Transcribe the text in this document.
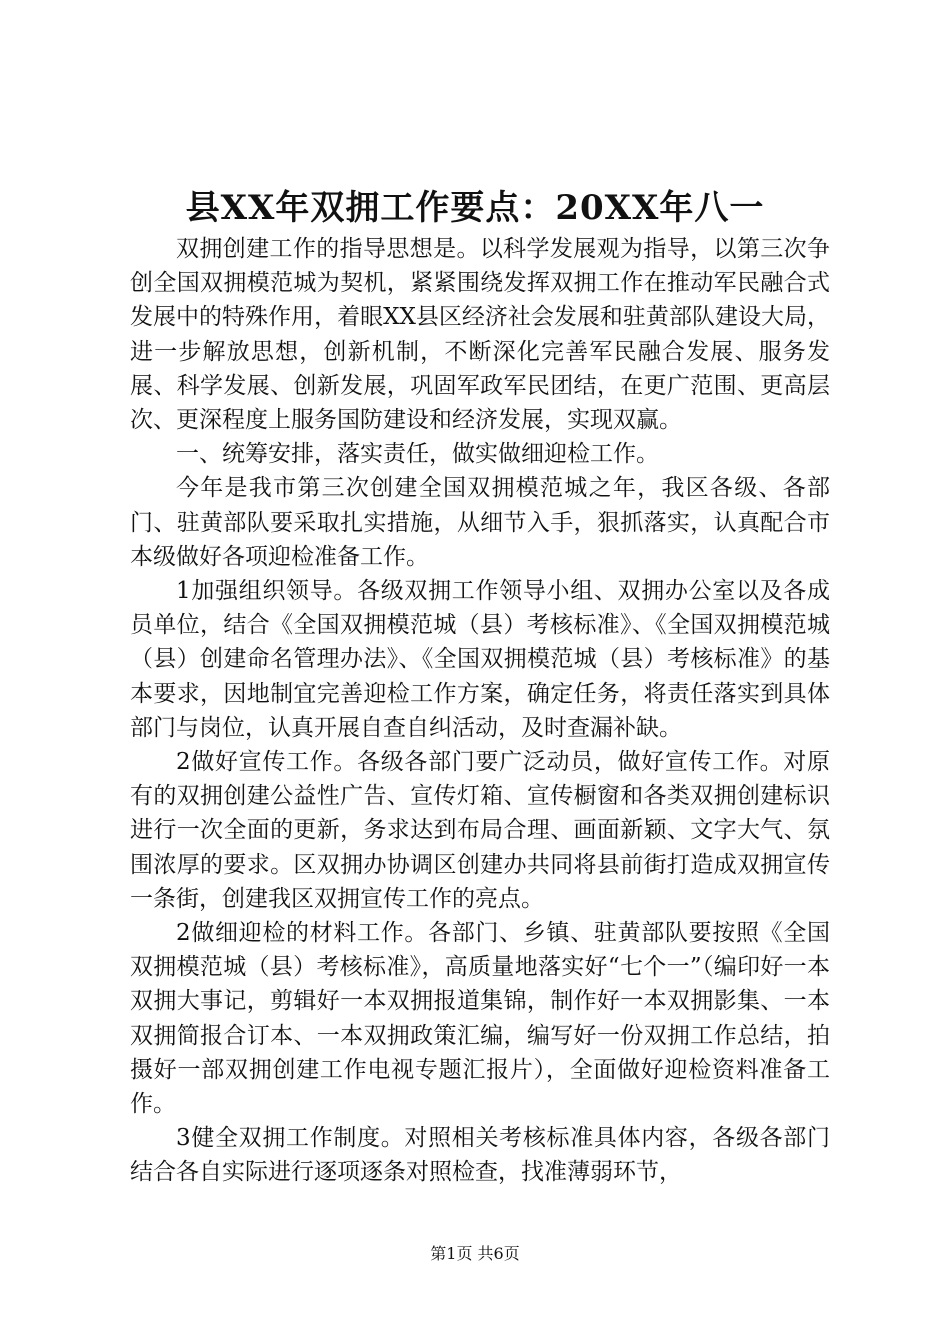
县XX年双拥工作要点：20XX年八一

双拥创建工作的指导思想是。以科学发展观为指导，以第三次争创全国双拥模范城为契机，紧紧围绕发挥双拥工作在推动军民融合式发展中的特殊作用，着眼XX县区经济社会发展和驻黄部队建设大局，进一步解放思想，创新机制，不断深化完善军民融合发展、服务发展、科学发展、创新发展，巩固军政军民团结，在更广范围、更高层次、更深程度上服务国防建设和经济发展，实现双赢。

一、统筹安排，落实责任，做实做细迎检工作。

今年是我市第三次创建全国双拥模范城之年，我区各级、各部门、驻黄部队要采取扎实措施，从细节入手，狠抓落实，认真配合市本级做好各项迎检准备工作。

1加强组织领导。各级双拥工作领导小组、双拥办公室以及各成员单位，结合《全国双拥模范城（县）考核标准》、《全国双拥模范城（县）创建命名管理办法》、《全国双拥模范城（县）考核标准》的基本要求，因地制宜完善迎检工作方案，确定任务，将责任落实到具体部门与岗位，认真开展自查自纠活动，及时查漏补缺。

2做好宣传工作。各级各部门要广泛动员，做好宣传工作。对原有的双拥创建公益性广告、宣传灯箱、宣传橱窗和各类双拥创建标识进行一次全面的更新，务求达到布局合理、画面新颖、文字大气、氛围浓厚的要求。区双拥办协调区创建办共同将县前街打造成双拥宣传一条街，创建我区双拥宣传工作的亮点。

2做细迎检的材料工作。各部门、乡镇、驻黄部队要按照《全国双拥模范城（县）考核标准》，高质量地落实好“七个一”（编印好一本双拥大事记，剪辑好一本双拥报道集锦，制作好一本双拥影集、一本双拥简报合订本、一本双拥政策汇编，编写好一份双拥工作总结，拍摄好一部双拥创建工作电视专题汇报片），全面做好迎检资料准备工作。

3健全双拥工作制度。对照相关考核标准具体内容，各级各部门结合各自实际进行逐项逐条对照检查，找准薄弱环节，

第1页 共6页
